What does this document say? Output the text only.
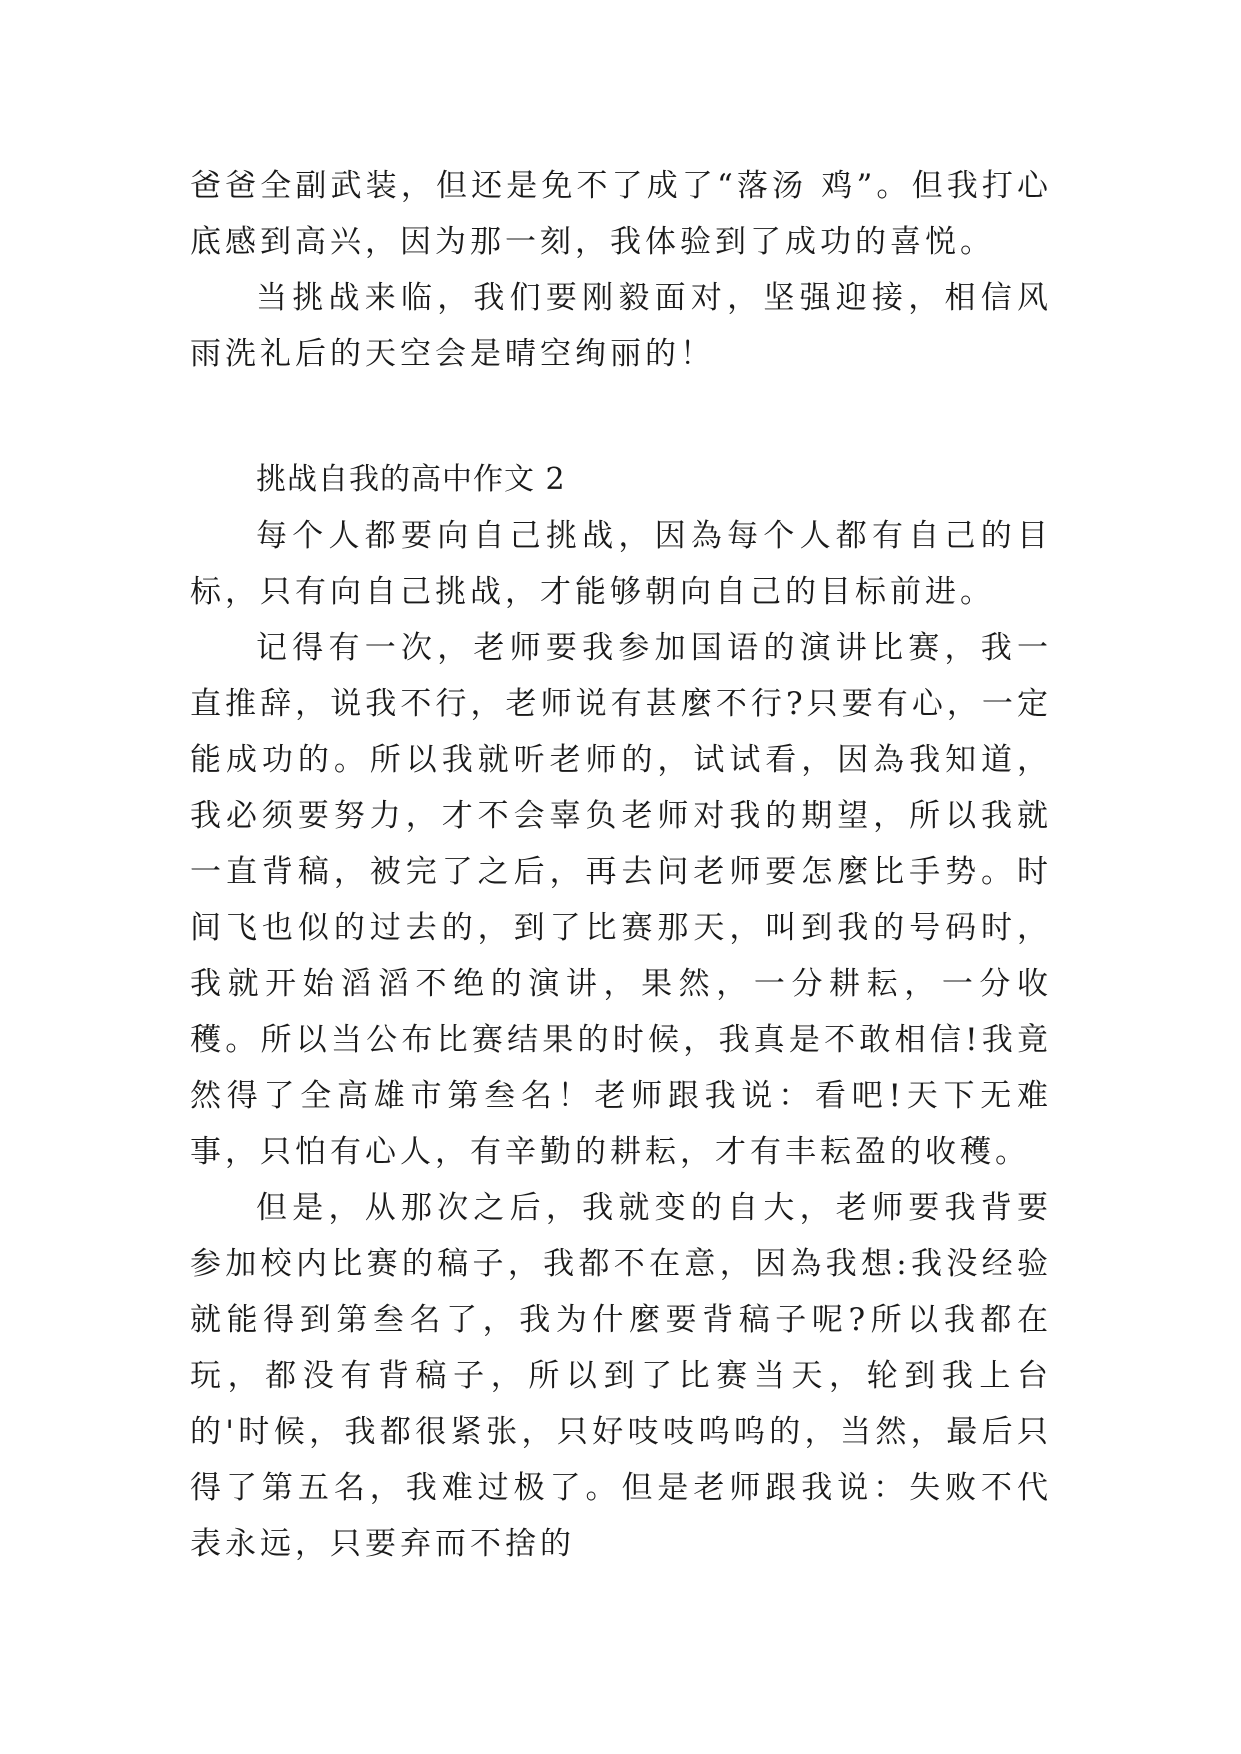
爸爸全副武装，但还是免不了成了“落汤 鸡”。但我打心底感到高兴，因为那一刻，我体验到了成功的喜悦。

当挑战来临，我们要刚毅面对，坚强迎接，相信风雨洗礼后的天空会是晴空绚丽的！

挑战自我的高中作文 2

每个人都要向自己挑战，因為每个人都有自己的目标，只有向自己挑战，才能够朝向自己的目标前进。

记得有一次，老师要我参加国语的演讲比赛，我一直推辞，说我不行，老师说有甚麼不行?只要有心，一定能成功的。所以我就听老师的，试试看，因為我知道，我必须要努力，才不会辜负老师对我的期望，所以我就一直背稿，被完了之后，再去问老师要怎麼比手势。时间飞也似的过去的，到了比赛那天，叫到我的号码时，我就开始滔滔不绝的演讲，果然，一分耕耘，一分收穫。所以当公布比赛结果的时候，我真是不敢相信!我竟然得了全高雄市第叁名！老师跟我说：看吧!天下无难事，只怕有心人，有辛勤的耕耘，才有丰耘盈的收穫。

但是，从那次之后，我就变的自大，老师要我背要参加校内比赛的稿子，我都不在意，因為我想:我没经验就能得到第叁名了，我为什麼要背稿子呢?所以我都在玩，都没有背稿子，所以到了比赛当天，轮到我上台的'时候，我都很紧张，只好吱吱呜呜的，当然，最后只得了第五名，我难过极了。但是老师跟我说：失败不代表永远，只要弃而不捨的
